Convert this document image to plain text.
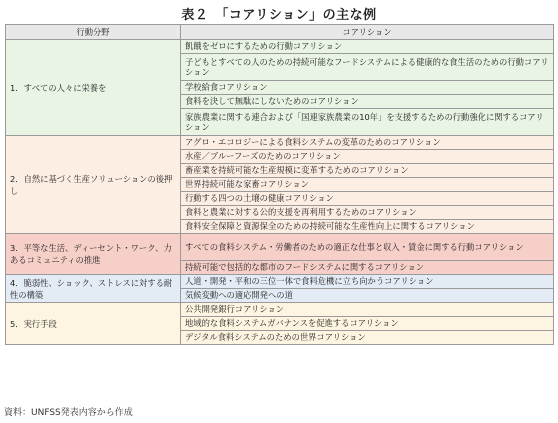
表２　「コアリション」の主な例
行動分野	コアリション
1．すべての人々に栄養を	飢餓をゼロにするための行動コアリション
	子どもとすべての人のための持続可能なフードシステムによる健康的な食生活のための行動コアリション
	学校給食コアリション
	食料を決して無駄にしないためのコアリション
	家族農業に関する連合および「国連家族農業の10年」を支援するための行動強化に関するコアリション
2．自然に基づく生産ソリューションの後押し	アグロ・エコロジーによる食料システムの変革のためのコアリション
	水産／ブルーフーズのためのコアリション
	畜産業を持続可能な生産規模に変革するためのコアリション
	世界持続可能な家畜コアリション
	行動する四つの土壌の健康コアリション
	食料と農業に対する公的支援を再利用するためのコアリション
	食料安全保障と資源保全のための持続可能な生産性向上に関するコアリション
3．平等な生活、ディーセント・ワーク、力あるコミュニティの推進	すべての食料システム・労働者のための適正な仕事と収入・賃金に関する行動コアリション
	持続可能で包括的な都市のフードシステムに関するコアリション
4．脆弱性、ショック、ストレスに対する耐性の構築	人道・開発・平和の三位一体で食料危機に立ち向かうコアリション
	気候変動への適応開発への道
5．実行手段	公共開発銀行コアリション
	地域的な食料システムガバナンスを促進するコアリション
	デジタル食料システムのための世界コアリション
資料：UNFSS発表内容から作成
